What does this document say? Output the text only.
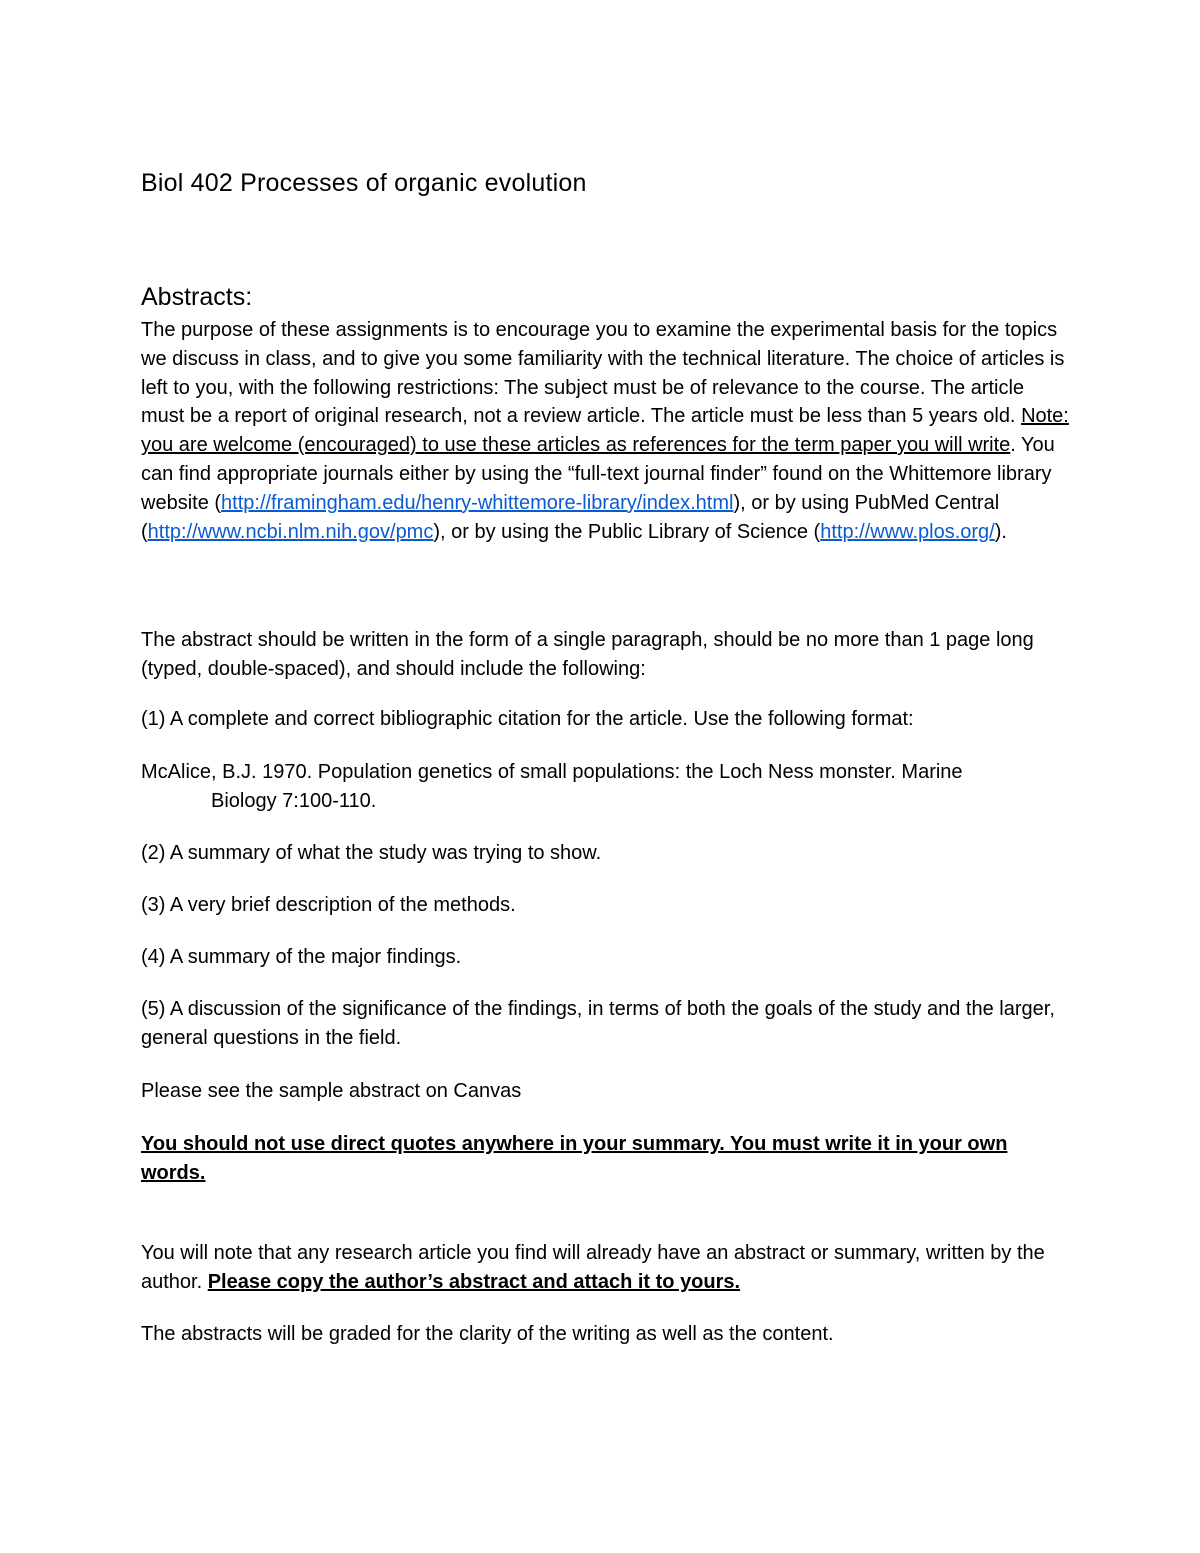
Biol 402 Processes of organic evolution
Abstracts:

The purpose of these assignments is to encourage you to examine the experimental basis for the topics we discuss in class, and to give you some familiarity with the technical literature. The choice of articles is left to you, with the following restrictions: The subject must be of relevance to the course. The article must be a report of original research, not a review article. The article must be less than 5 years old. Note: you are welcome (encouraged) to use these articles as references for the term paper you will write. You can find appropriate journals either by using the “full-text journal finder” found on the Whittemore library website (http://framingham.edu/henry-whittemore-library/index.html), or by using PubMed Central (http://www.ncbi.nlm.nih.gov/pmc), or by using the Public Library of Science (http://www.plos.org/).

The abstract should be written in the form of a single paragraph, should be no more than 1 page long (typed, double-spaced), and should include the following:

(1) A complete and correct bibliographic citation for the article. Use the following format:

McAlice, B.J. 1970. Population genetics of small populations: the Loch Ness monster. Marine
Biology 7:100-110.

(2) A summary of what the study was trying to show.

(3) A very brief description of the methods.

(4) A summary of the major findings.

(5) A discussion of the significance of the findings, in terms of both the goals of the study and the larger, general questions in the field.

Please see the sample abstract on Canvas

You should not use direct quotes anywhere in your summary. You must write it in your own words.

You will note that any research article you find will already have an abstract or summary, written by the author. Please copy the author’s abstract and attach it to yours.

The abstracts will be graded for the clarity of the writing as well as the content.
